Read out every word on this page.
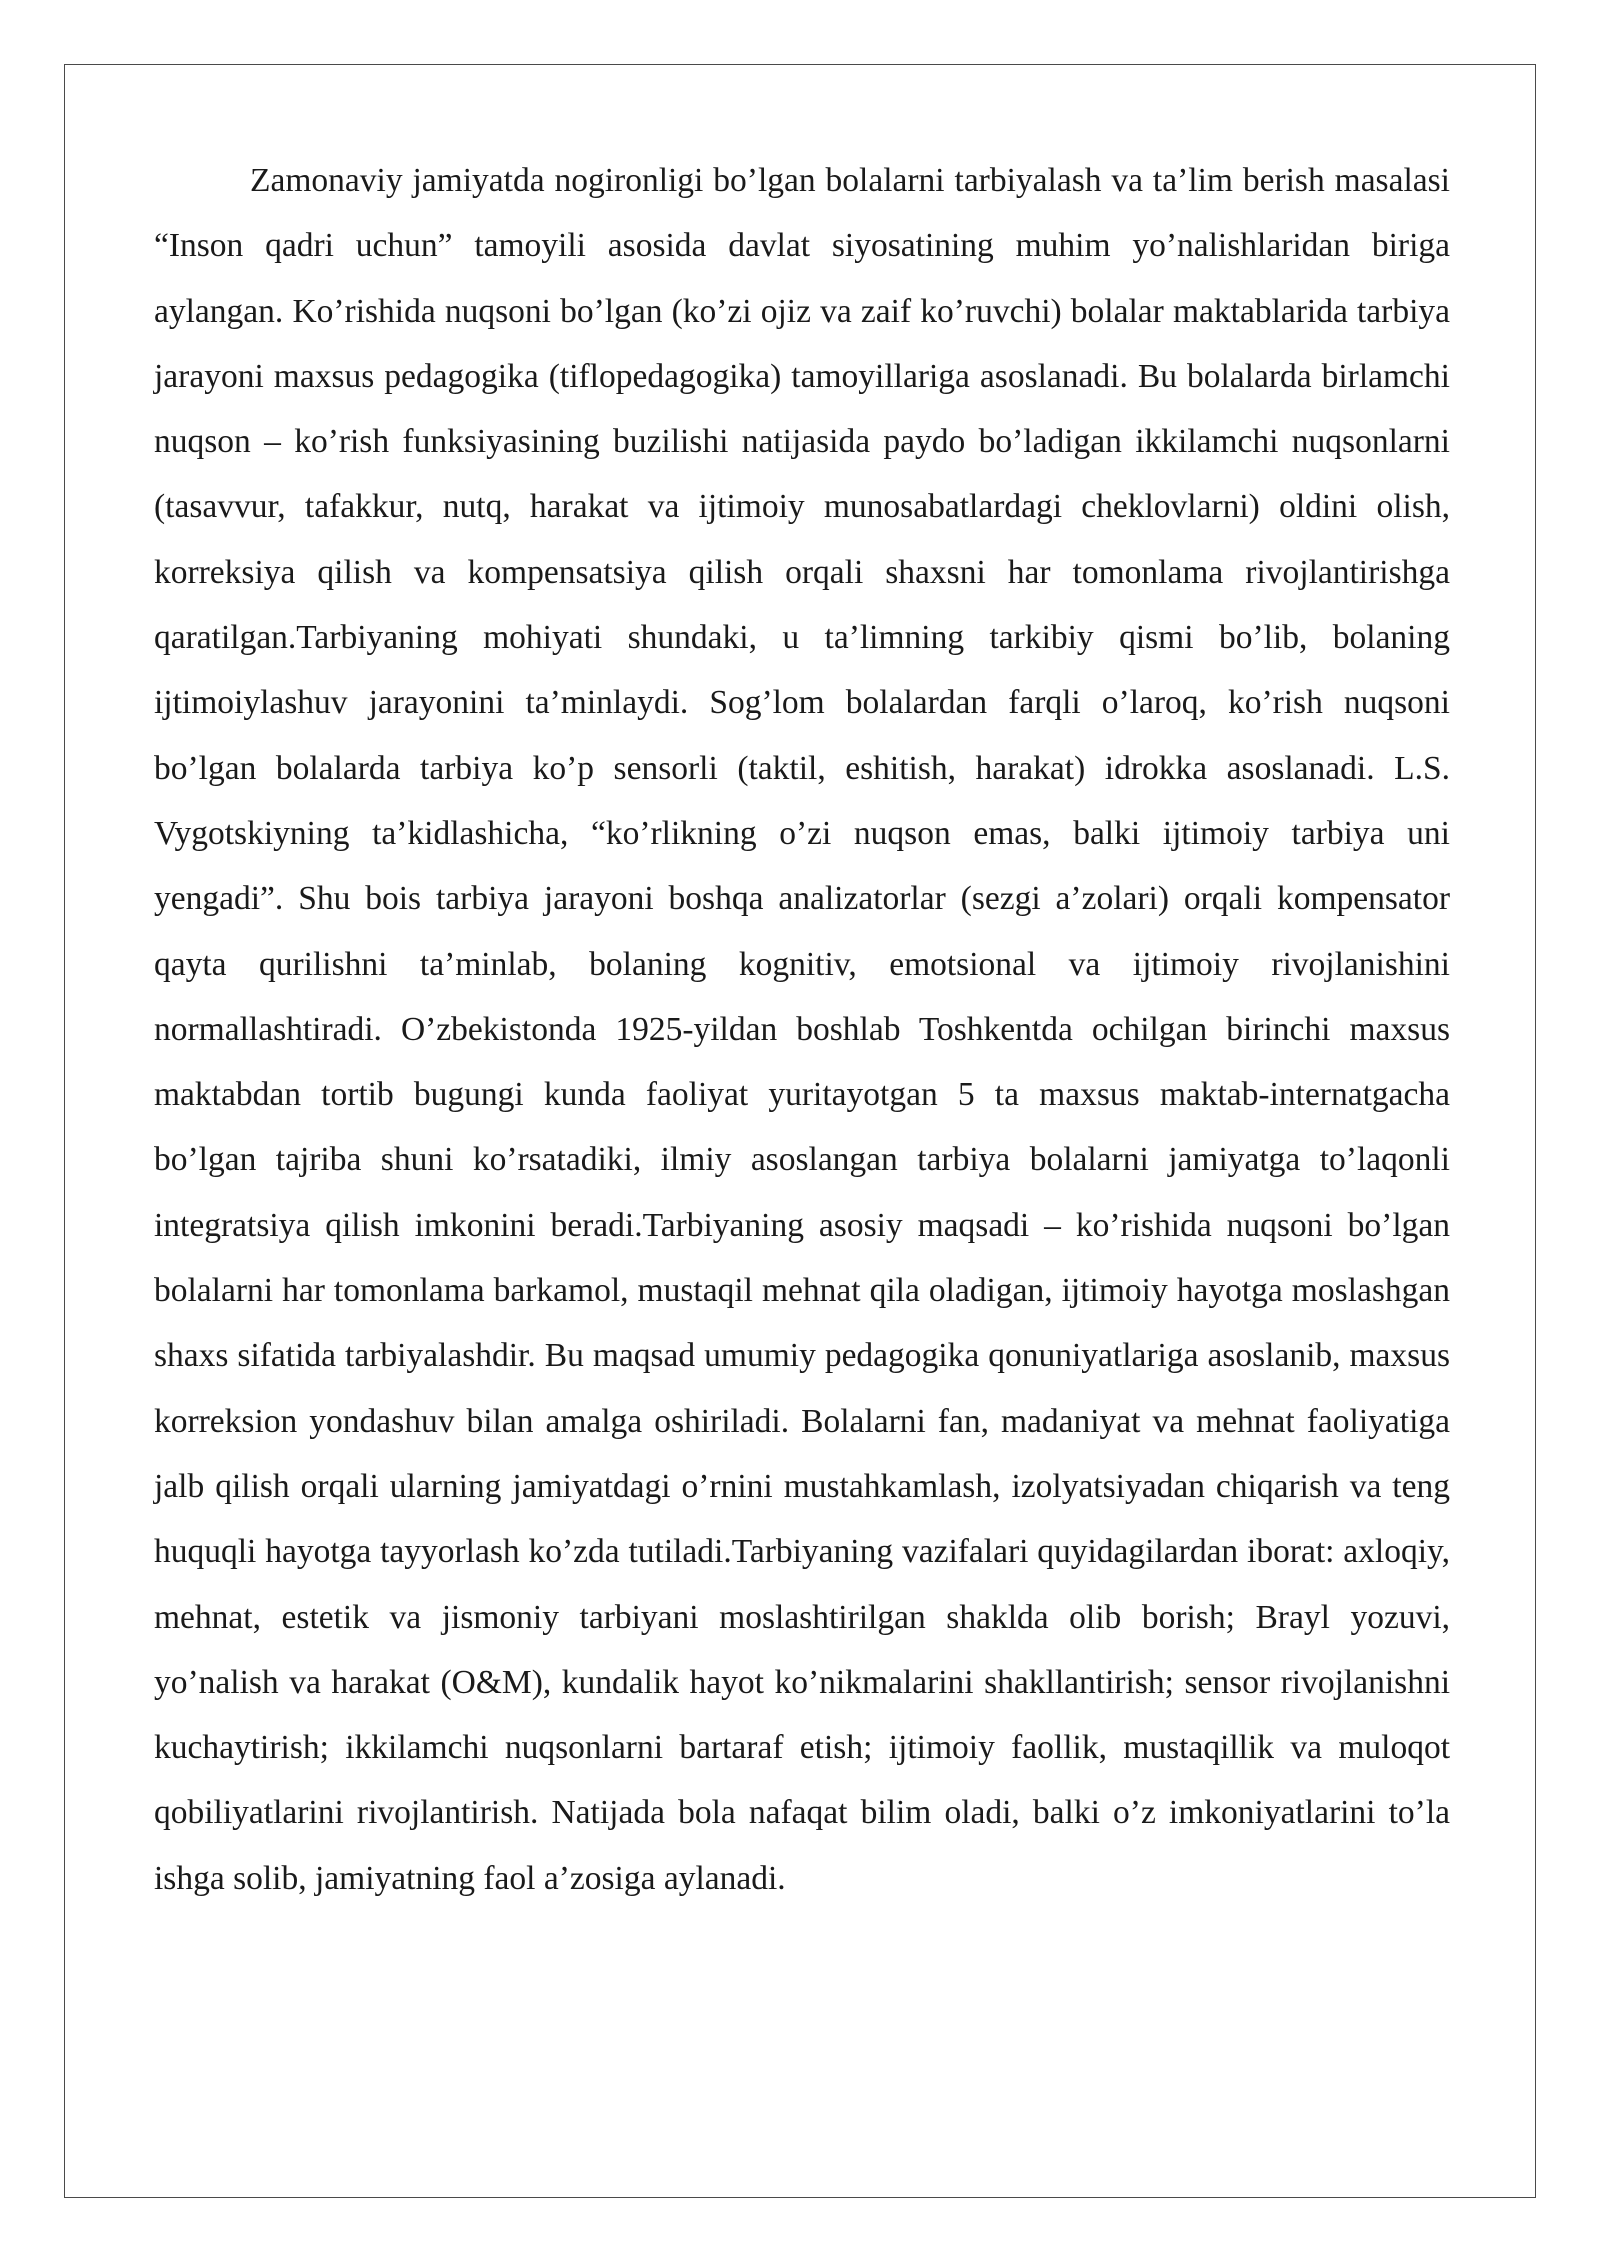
Zamonaviy jamiyatda nogironligi bo’lgan bolalarni tarbiyalash va ta’lim berish masalasi “Inson qadri uchun” tamoyili asosida davlat siyosatining muhim yo’nalishlaridan biriga aylangan. Ko’rishida nuqsoni bo’lgan (ko’zi ojiz va zaif ko’ruvchi) bolalar maktablarida tarbiya jarayoni maxsus pedagogika (tiflopedagogika) tamoyillariga asoslanadi. Bu bolalarda birlamchi nuqson – ko’rish funksiyasining buzilishi natijasida paydo bo’ladigan ikkilamchi nuqsonlarni (tasavvur, tafakkur, nutq, harakat va ijtimoiy munosabatlardagi cheklovlarni) oldini olish, korreksiya qilish va kompensatsiya qilish orqali shaxsni har tomonlama rivojlantirishga qaratilgan.Tarbiyaning mohiyati shundaki, u ta’limning tarkibiy qismi bo’lib, bolaning ijtimoiylashuv jarayonini ta’minlaydi. Sog’lom bolalardan farqli o’laroq, ko’rish nuqsoni bo’lgan bolalarda tarbiya ko’p sensorli (taktil, eshitish, harakat) idrokka asoslanadi. L.S. Vygotskiyning ta’kidlashicha, “ko’rlikning o’zi nuqson emas, balki ijtimoiy tarbiya uni yengadi”. Shu bois tarbiya jarayoni boshqa analizatorlar (sezgi a’zolari) orqali kompensator qayta qurilishni ta’minlab, bolaning kognitiv, emotsional va ijtimoiy rivojlanishini normallashtiradi. O’zbekistonda 1925-yildan boshlab Toshkentda ochilgan birinchi maxsus maktabdan tortib bugungi kunda faoliyat yuritayotgan 5 ta maxsus maktab-internatgacha bo’lgan tajriba shuni ko’rsatadiki, ilmiy asoslangan tarbiya bolalarni jamiyatga to’laqonli integratsiya qilish imkonini beradi.Tarbiyaning asosiy maqsadi – ko’rishida nuqsoni bo’lgan bolalarni har tomonlama barkamol, mustaqil mehnat qila oladigan, ijtimoiy hayotga moslashgan shaxs sifatida tarbiyalashdir. Bu maqsad umumiy pedagogika qonuniyatlariga asoslanib, maxsus korreksion yondashuv bilan amalga oshiriladi. Bolalarni fan, madaniyat va mehnat faoliyatiga jalb qilish orqali ularning jamiyatdagi o’rnini mustahkamlash, izolyatsiyadan chiqarish va teng huquqli hayotga tayyorlash ko’zda tutiladi.Tarbiyaning vazifalari quyidagilardan iborat: axloqiy, mehnat, estetik va jismoniy tarbiyani moslashtirilgan shaklda olib borish; Brayl yozuvi, yo’nalish va harakat (O&M), kundalik hayot ko’nikmalarini shakllantirish; sensor rivojlanishni kuchaytirish; ikkilamchi nuqsonlarni bartaraf etish; ijtimoiy faollik, mustaqillik va muloqot qobiliyatlarini rivojlantirish. Natijada bola nafaqat bilim oladi, balki o’z imkoniyatlarini to’la ishga solib, jamiyatning faol a’zosiga aylanadi.
